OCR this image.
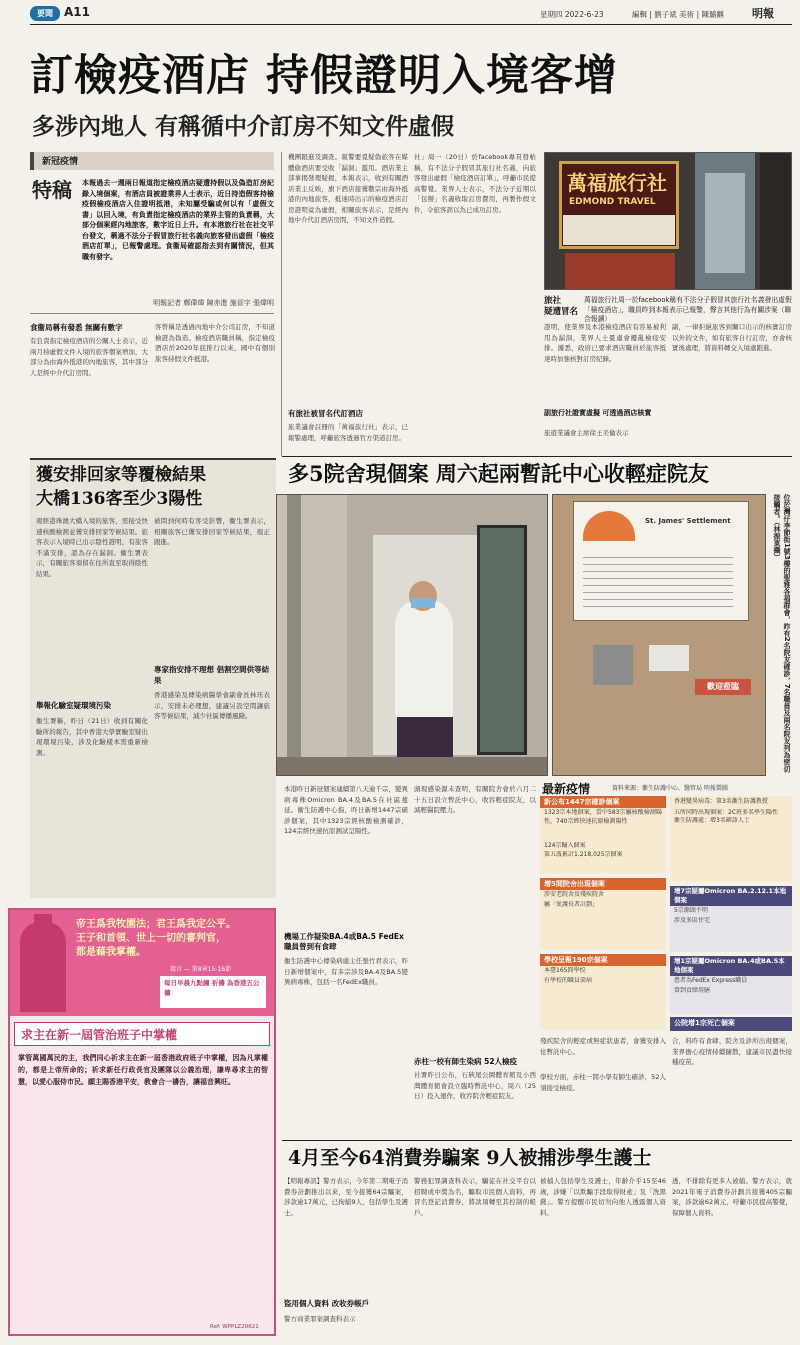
要聞 A11	星期四 2022-6-23	編輯 | 劉子斌 美術 | 陳璐麒	明報
訂檢疫酒店 持假證明入境客增
多涉內地人 有稱循中介訂房不知文件虛假
新冠疫情
特稿 本報過去一週兩日報道指定檢疫酒店疑遭持假以及偽造訂房紀錄入境個案，有酒店員被證業界人士表示，近日持造假客持檢疫假檢疫酒店入住證明抵港，未知屬受騙或何以有「虛假文書」以回入境，有負責指定檢疫酒店的業界主管的負責稱，大部分個案經內地旅客，數字近日上升。有本港旅行社在社交平台發文，稱過不法分子假冒旅行社名義向旅客發出虛假「檢疫酒店訂單」，已報警處理。食衞局確認指去到有關情況，但其職有發字。
明報記者 鄭偉煒 陳赤進 施晉宇 張煒明
食衞局稱有發悉 無關有數字
有負責指定檢疫酒店的公關人士表示，近兩月持虛假文件入境的旅客個案增加，大部分為由海外抵港的內地旅客，其中部分人是經中介代訂房間。
客曾稱是透過內地中介公司訂房，不知道檢證為偽造。檢疫酒店職員稱，指定檢疫酒店於2020年底推行以來，國中有個別旅客持假文件抵港。
機團跟進及調查。報警要覓疑偽旅客在媒體偷酒店要受收「漏洞」濫用。酒店業主部拿揭發理疑揭，本報表示，收到有關酒店業主反映，旗下酒店接獲數宗由海外抵港的內地旅客，抵達時出示的檢疫酒店訂房證明竟為虛假，相關旅客表示，是經內地中介代訂酒店房間，不知文件造假。
有旅社被冒名代訂酒店
旅業議會註冊的「萬福旅行社」表示，已報警處理，呼籲旅客透過官方渠道訂房。
社」周一（20日）於facebook專頁發帖稱，有不法分子假冒其旅行社名義，向旅客發出虛假「檢疫酒店訂單」，呼籲市民提高警覺。業界人士表示，不法分子近期以「包辦」名義收取訂房費用，再製作假文件，令旅客誤以為已成功訂房。
副旅行社證實虛擬 可透過酒店核實
旅遊業議會主席徐王美倫表示
證明，使業界及本港檢疫酒店有容易被利用為漏洞，業界人士憂慮會擾亂檢疫安排。據悉，政府已要求酒店職員於旅客抵達時加強核對訂房紀錄。
副，一律拒絕旅客到關口出示的核實訂房以外的文件，如有旅客自行訂房，亦會核實後處理，將資料轉交入境處跟進。
萬福旅行社
EDMOND TRAVEL
旅社
疑遭冒名
萬福旅行社周一於facebook稱有不法分子假冒其旅行社名義發出虛假「檢疫酒店」，職員昨到本報表示已報警，聲言其他行為有關涉案（聯合報讀）
獲安排回家等覆檢結果
大橋136客至少3陽性
現經港珠澳大橋入境的旅客，需接受快速核酸檢測並獲安排回家等候結果。旅客表示入境時已出示陰性證明，有旅客不滿安排，認為存在漏洞。衞生署表示，有關旅客須留在住所直至取得陰性結果。
舉報化驗室疑環境污染
衞生署稱，昨日（21日）收到有關化驗所的報告，其中香港大學實驗室疑出現環境污染，涉及化驗樣本需重新檢測。
被問到何時有客受影響，衞生署表示，相關旅客已獲安排回家等候結果，現正跟進。
專家指安排不理想 倡割空間供等結果
香港感染及傳染病醫學會副會長林珏表示，安排未必理想，建議另設空間讓旅客等候結果，減少社區傳播風險。
帝王爲我牧園法；君王爲我定公平。
王子和首領、世上一切的審判官，
都是藉我掌權。
箴言 — 第8章15-16節
每日早晨九點鐘 祈禱 為香港五公禱
求主在新一屆管治班子中掌權
掌管萬國萬民的主，我們同心祈求主在新一屆香港政府班子中掌權，因為凡掌權的，都是上帝所命的；祈求新任行政長官及團隊以公義治理，謙卑尋求主的智慧，以愛心服侍市民。願主賜香港平安，教會合一禱告，讓福音興旺。
Ref: WPPLZ20621
多5院舍現個案 周六起兩暫託中心收輕症院友
St. James' Settlement
歡迎蒞臨	位於灣仔李節街1號3樓的聖雅各福群會，昨有2名院友確診，7名職員及兩名院友列為密切接觸者。（林振東攝）
本港昨日新冠個案連續第八天逾千宗，變異病毒株Omicron BA.4及BA.5在社區蔓延。衞生防護中心指，昨日新增1447宗確診個案，其中1323宗經核酸檢測確診，124宗經快速抗原測試呈陽性。
機場工作疑染BA.4或BA.5 FedEx職員曾到有食肆
衞生防護中心傳染病處主任張竹君表示，昨日新增個案中，有多宗涉及BA.4及BA.5變異病毒株，包括一名FedEx職員。
頭現感染源未查明，有關院舍會於六月二十五日設立暫託中心，收容輕症院友，以減輕醫院壓力。
赤柱一校有師生染病 52人檢疫
社署昨日公布，石硤尾公園體育館及小西灣體育館會設立臨時暫託中心，周六（25日）投入運作，收容院舍輕症院友。
殘疾院舍的輕症或無症狀患者，會獲安排入住暫託中心。
學校方面，赤柱一間小學有師生確診，52人須接受檢疫。
合，料昨有食肆、院舍及診所出現個案，業界擔心疫情持續擴散，建議市民盡快接種疫苗。
最新疫情	資料來源：衞生防護中心、醫管局 明報製圖
新公布1447宗確診個案
1323宗本地個案，當中583宗屬核酸檢測陽性，740宗經快速抗原檢測陽性
124宗輸入個案
第五波累計1,218,025宗個案
增5間院舍出現個案
涉安老院舍及殘疾院舍
屬「愛護長者計劃」
學校呈報190宗個案
本臺165間學校
有學校的職員染病
香港變異病毒：第3名衞生防護教授
五所同時出現個案：2C班多名學生陽性
衞生防護處：增3名確診人士
增7宗疑屬Omicron BA.2.12.1本地個案
5宗源頭不明
涉及多區住宅
增1宗疑屬Omicron BA.4或BA.5本地個案
患者為FedEx Express職員
曾到食肆用膳
公院增1宗死亡個案
4月至今64消費券騙案 9人被捕涉學生護士
【明報專訊】警方表示，今年第二期電子消費券計劃推出以來，至今接獲64宗騙案，涉款逾17萬元，已拘捕9人，包括學生及護士。
盜用個人資料 改收券帳戶
警方商業罪案調查科表示
警務犯罪調查科表示，騙徒在社交平台以招聘或中獎為名，騙取市民個人資料，再冒名登記消費券，將款項轉至其控制的帳戶。
被捕人包括學生及護士，年齡介乎15至46歲，涉嫌「以欺騙手段取得財產」及「洗黑錢」。警方提醒市民切勿向他人透露個人資料。
透，不排除有更多人被捕。警方表示，就2021年電子消費券計劃共接獲405宗騙案，涉款逾62萬元，呼籲市民提高警覺，保障個人資料。
